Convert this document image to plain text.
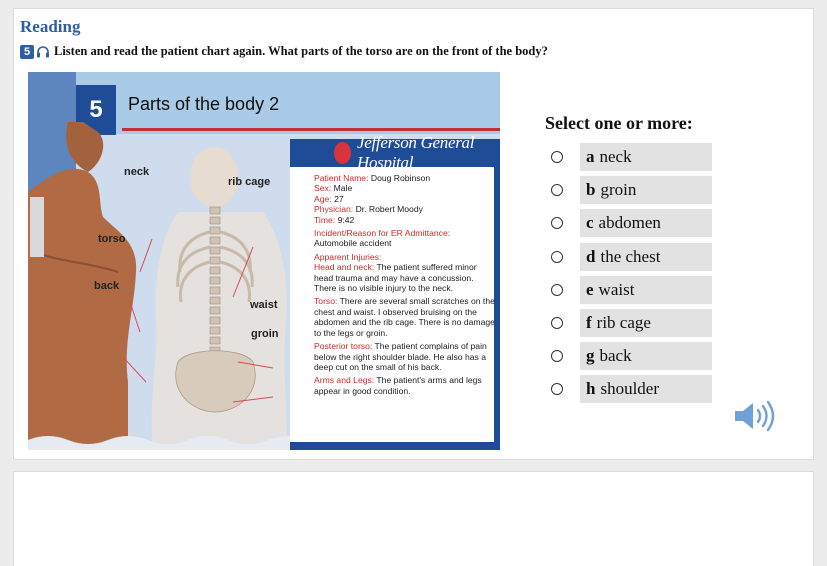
Reading
5	Listen and read the patient chart again. What parts of the torso are on the front of the body?
5	Parts of the body 2
neck
rib cage
torso
back
waist
groin
Jefferson General Hospital
Patient Name: Doug Robinson
Sex: Male
Age: 27
Physician: Dr. Robert Moody
Time: 9:42
Incident/Reason for ER Admittance:
Automobile accident
Apparent Injuries:
Head and neck: The patient suffered minor head trauma and may have a concussion. There is no visible injury to the neck.
Torso: There are several small scratches on the chest and waist. I observed bruising on the abdomen and the rib cage. There is no damage to the legs or groin.
Posterior torso: The patient complains of pain below the right shoulder blade. He also has a deep cut on the small of his back.
Arms and Legs: The patient's arms and legs appear in good condition.
Select one or more:
a neck
b groin
c abdomen
d the chest
e waist
f rib cage
g back
h shoulder
